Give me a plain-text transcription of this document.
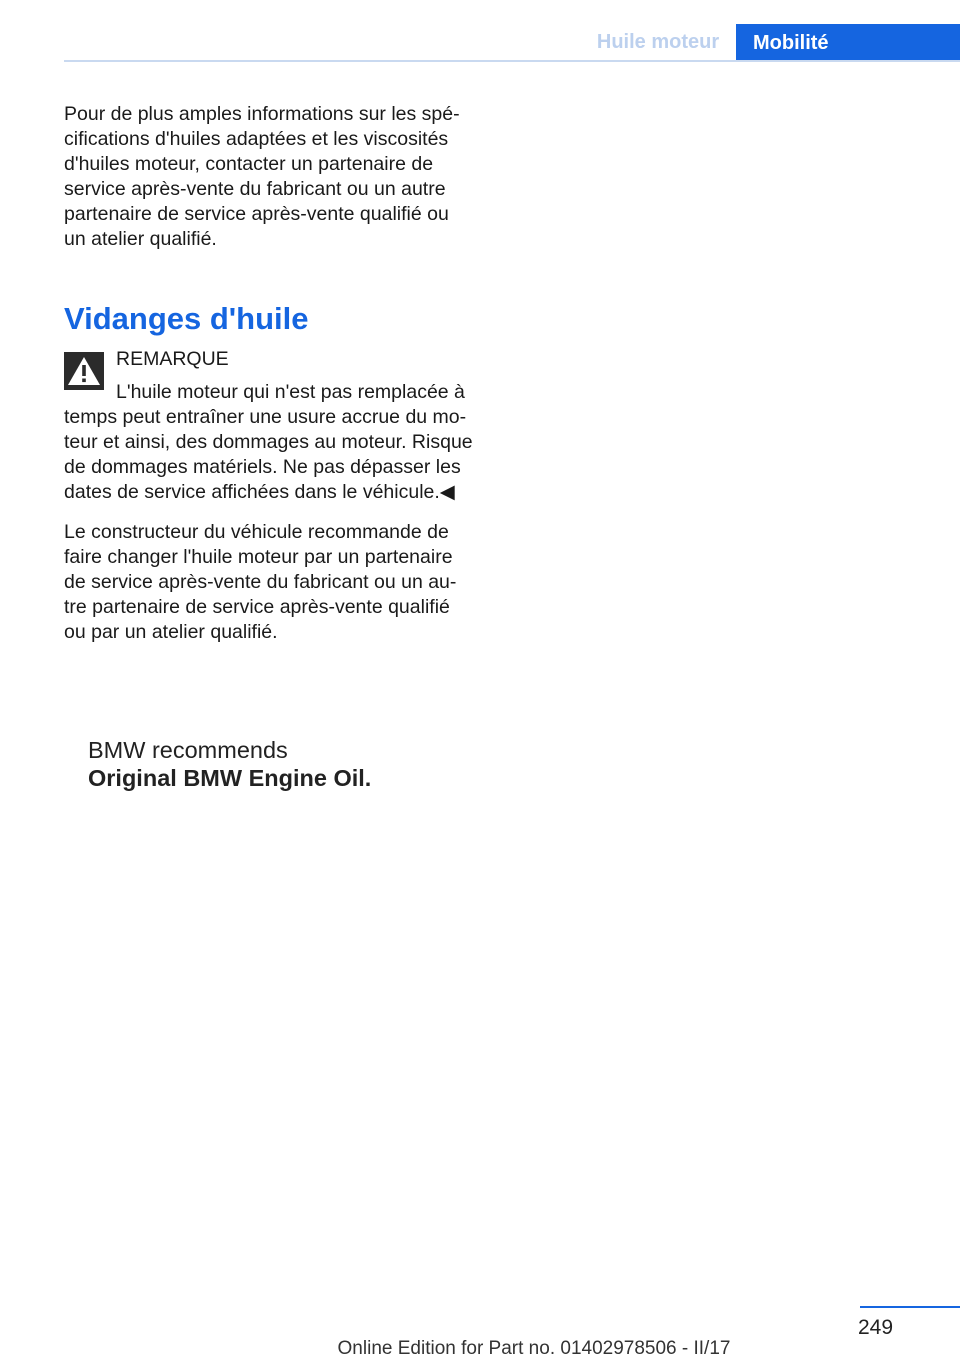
Huile moteur	Mobilité
Pour de plus amples informations sur les spé-
cifications d'huiles adaptées et les viscosités
d'huiles moteur, contacter un partenaire de
service après-vente du fabricant ou un autre
partenaire de service après-vente qualifié ou
un atelier qualifié.
Vidanges d'huile
REMARQUE
L'huile moteur qui n'est pas remplacée à
temps peut entraîner une usure accrue du mo-
teur et ainsi, des dommages au moteur. Risque
de dommages matériels. Ne pas dépasser les
dates de service affichées dans le véhicule.◀
Le constructeur du véhicule recommande de
faire changer l'huile moteur par un partenaire
de service après-vente du fabricant ou un au-
tre partenaire de service après-vente qualifié
ou par un atelier qualifié.
BMW recommends
Original BMW Engine Oil.
249
Online Edition for Part no. 01402978506 - II/17
